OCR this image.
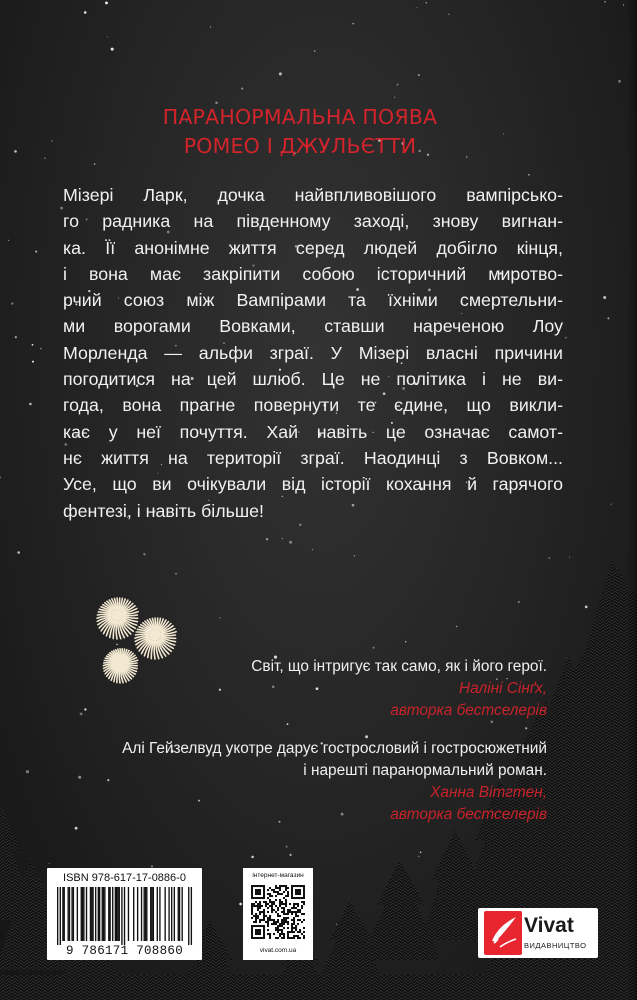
ПАРАНОРМАЛЬНА ПОЯВА
РОМЕО І ДЖУЛЬЄТТИ
Мізері Ларк, дочка найвпливовішого вампірсько-
го радника на південному заході, знову вигнан-
ка. Її анонімне життя серед людей добігло кінця,
і вона має закріпити собою історичний миротво-
рчий союз між Вампірами та їхніми смертельни-
ми ворогами Вовками, ставши нареченою Лоу
Морленда — альфи зграї. У Мізері власні причини
погодитися на цей шлюб. Це не політика і не ви-
года, вона прагне повернути те єдине, що викли-
кає у неї почуття. Хай навіть це означає самот-
нє життя на території зграї. Наодинці з Вовком...
Усе, що ви очікували від історії кохання й гарячого
фентезі, і навіть більше!
Світ, що інтригує так само, як і його герої.
Наліні Сінґх,
авторка бестселерів
Алі Гейзелвуд укотре дарує гострословий і гостросюжетний
і нарешті паранормальний роман.
Ханна Вітгтен,
авторка бестселерів
ISBN 978-617-17-0886-0
9 786171 708860
інтернет-магазин
vivat.com.ua
Vivat
ВИДАВНИЦТВО
